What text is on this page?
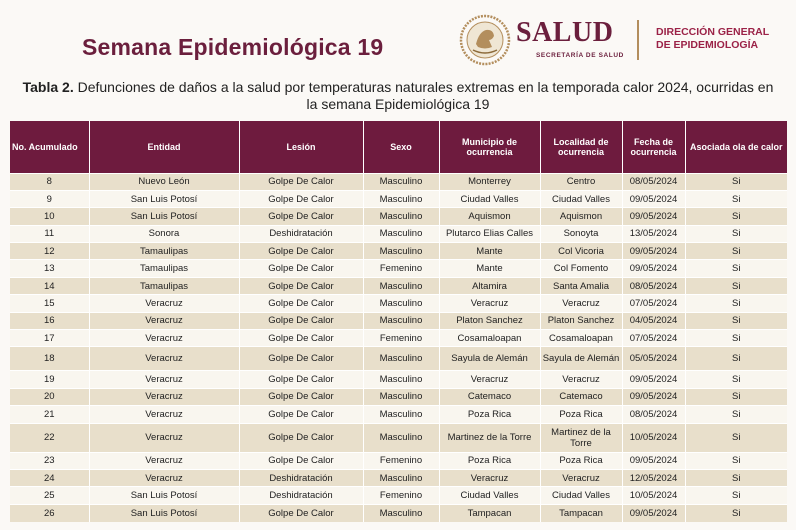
Semana Epidemiológica 19	SALUD
SECRETARÍA DE SALUD
DIRECCIÓN GENERAL
DE EPIDEMIOLOGÍA
Tabla 2. Defunciones de daños a la salud por temperaturas naturales extremas en la temporada calor 2024, ocurridas en la semana Epidemiológica 19
No. Acumulado	Entidad	Lesión	Sexo	Municipio de ocurrencia	Localidad de ocurrencia	Fecha de ocurrencia	Asociada ola de calor
8	Nuevo León	Golpe De Calor	Masculino	Monterrey	Centro	08/05/2024	Si
9	San Luis Potosí	Golpe De Calor	Masculino	Ciudad Valles	Ciudad Valles	09/05/2024	Si
10	San Luis Potosí	Golpe De Calor	Masculino	Aquismon	Aquismon	09/05/2024	Si
11	Sonora	Deshidratación	Masculino	Plutarco Elias Calles	Sonoyta	13/05/2024	Si
12	Tamaulipas	Golpe De Calor	Masculino	Mante	Col Vicoria	09/05/2024	Si
13	Tamaulipas	Golpe De Calor	Femenino	Mante	Col Fomento	09/05/2024	Si
14	Tamaulipas	Golpe De Calor	Masculino	Altamira	Santa Amalia	08/05/2024	Si
15	Veracruz	Golpe De Calor	Masculino	Veracruz	Veracruz	07/05/2024	Si
16	Veracruz	Golpe De Calor	Masculino	Platon Sanchez	Platon Sanchez	04/05/2024	Si
17	Veracruz	Golpe De Calor	Femenino	Cosamaloapan	Cosamaloapan	07/05/2024	Si
18	Veracruz	Golpe De Calor	Masculino	Sayula de Alemán	Sayula de Alemán	05/05/2024	Si
19	Veracruz	Golpe De Calor	Masculino	Veracruz	Veracruz	09/05/2024	Si
20	Veracruz	Golpe De Calor	Masculino	Catemaco	Catemaco	09/05/2024	Si
21	Veracruz	Golpe De Calor	Masculino	Poza Rica	Poza Rica	08/05/2024	Si
22	Veracruz	Golpe De Calor	Masculino	Martinez de la Torre	Martinez de la Torre	10/05/2024	Si
23	Veracruz	Golpe De Calor	Femenino	Poza Rica	Poza Rica	09/05/2024	Si
24	Veracruz	Deshidratación	Masculino	Veracruz	Veracruz	12/05/2024	Si
25	San Luis Potosí	Deshidratación	Femenino	Ciudad Valles	Ciudad Valles	10/05/2024	Si
26	San Luis Potosí	Golpe De Calor	Masculino	Tampacan	Tampacan	09/05/2024	Si
